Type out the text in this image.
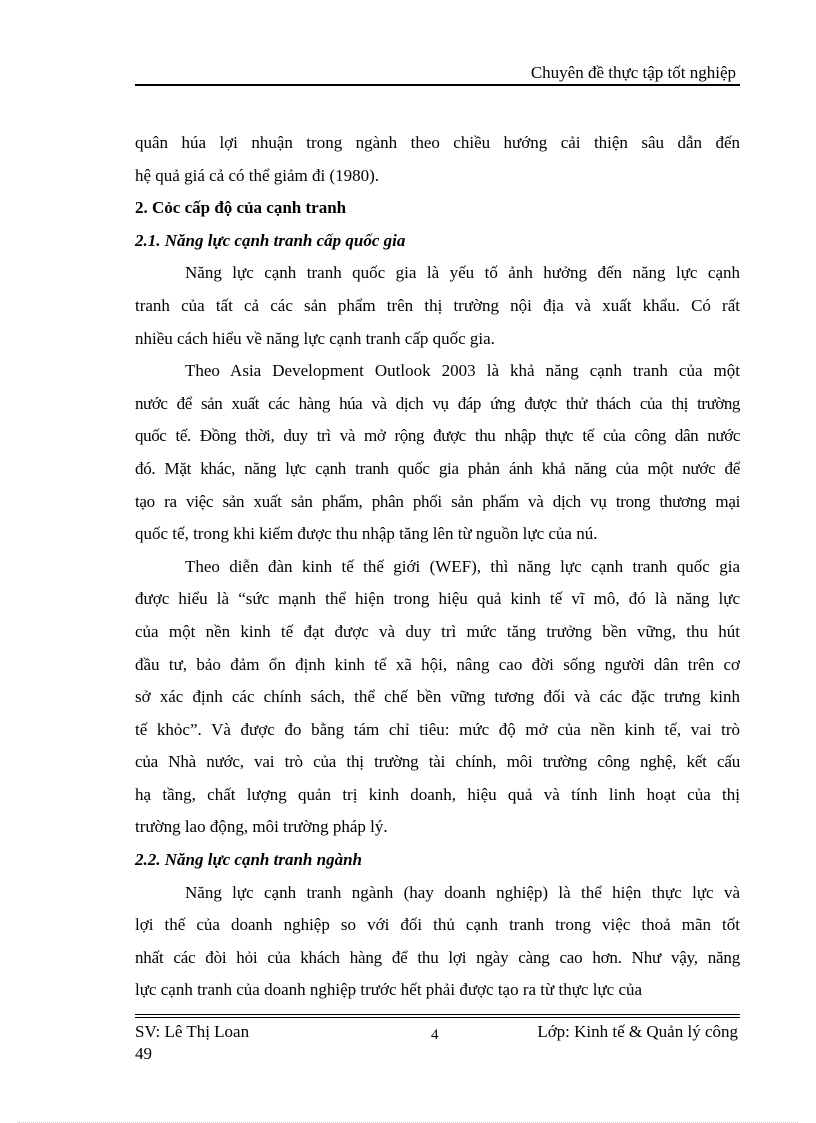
Chuyên đề thực tập tốt nghiệp
quân húa lợi nhuận trong ngành theo chiều hướng cải thiện sâu dẫn đến
hệ quả giá cả có thể giảm đi (1980).
2. Cỏc cấp độ của cạnh tranh
2.1. Năng lực cạnh tranh cấp quốc gia
Năng lực cạnh tranh quốc gia là yếu tố ảnh hưởng đến năng lực cạnh
tranh của tất cả các sản phẩm trên thị trường nội địa và xuất khẩu. Có rất
nhiều cách hiểu về năng lực cạnh tranh cấp quốc gia.
Theo Asia Development Outlook 2003 là khả năng cạnh tranh của một
nước để sản xuất các hàng húa và dịch vụ đáp ứng được thử thách của thị trường
quốc tế. Đồng thời, duy trì và mở rộng được thu nhập thực tế của công dân nước
đó. Mặt khác, năng lực cạnh tranh quốc gia phản ánh khả năng của một nước để
tạo ra việc sản xuất sản phẩm, phân phối sản phẩm và dịch vụ trong thương mại
quốc tế, trong khi kiếm được thu nhập tăng lên từ nguồn lực của nú.
Theo diễn đàn kinh tế thế giới (WEF), thì năng lực cạnh tranh quốc gia
được hiểu là “sức mạnh thể hiện trong hiệu quả kinh tế vĩ mô, đó là năng lực
của một nền kinh tế đạt được và duy trì mức tăng trưởng bền vững, thu hút
đầu tư, bảo đảm ổn định kinh tế xã hội, nâng cao đời sống người dân trên cơ
sở xác định các chính sách, thể chế bền vững tương đối và các đặc trưng kinh
tế khỏc”. Và được đo bằng tám chỉ tiêu: mức độ mở của nền kinh tế, vai trò
của Nhà nước, vai trò của thị trường tài chính, môi trường công nghệ, kết cấu
hạ tầng, chất lượng quản trị kinh doanh, hiệu quả và tính linh hoạt của thị
trường lao động, môi trường pháp lý.
2.2. Năng lực cạnh tranh ngành
Năng lực cạnh tranh ngành (hay doanh nghiệp) là thể hiện thực lực và
lợi thế của doanh nghiệp so với đối thủ cạnh tranh trong việc thoả mãn tốt
nhất các đòi hỏi của khách hàng để thu lợi ngày càng cao hơn. Như vậy, năng
lực cạnh tranh của doanh nghiệp trước hết phải được tạo ra từ thực lực của
SV: Lê Thị Loan	4	Lớp: Kinh tế & Quản lý công
49
